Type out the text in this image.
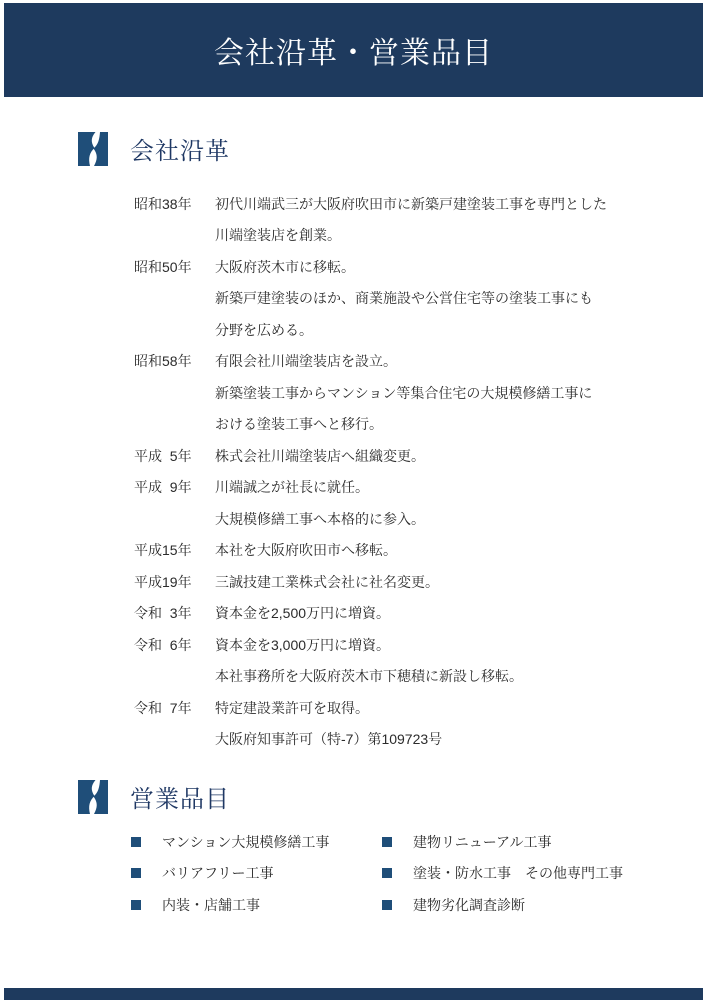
会社沿革・営業品目
会社沿革
昭和38年	初代川端武三が大阪府吹田市に新築戸建塗装工事を専門とした
川端塗装店を創業。
昭和50年	大阪府茨木市に移転。
新築戸建塗装のほか、商業施設や公営住宅等の塗装工事にも
分野を広める。
昭和58年	有限会社川端塗装店を設立。
新築塗装工事からマンション等集合住宅の大規模修繕工事に
おける塗装工事へと移行。
平成  5年	株式会社川端塗装店へ組織変更。
平成  9年	川端誠之が社長に就任。
大規模修繕工事へ本格的に参入。
平成15年	本社を大阪府吹田市へ移転。
平成19年	三誠技建工業株式会社に社名変更。
令和  3年	資本金を2,500万円に増資。
令和  6年	資本金を3,000万円に増資。
本社事務所を大阪府茨木市下穂積に新設し移転。
令和  7年	特定建設業許可を取得。
大阪府知事許可（特-7）第109723号
営業品目
マンション大規模修繕工事	建物リニューアル工事
バリアフリー工事	塗装・防水工事　その他専門工事
内装・店舗工事	建物劣化調査診断
